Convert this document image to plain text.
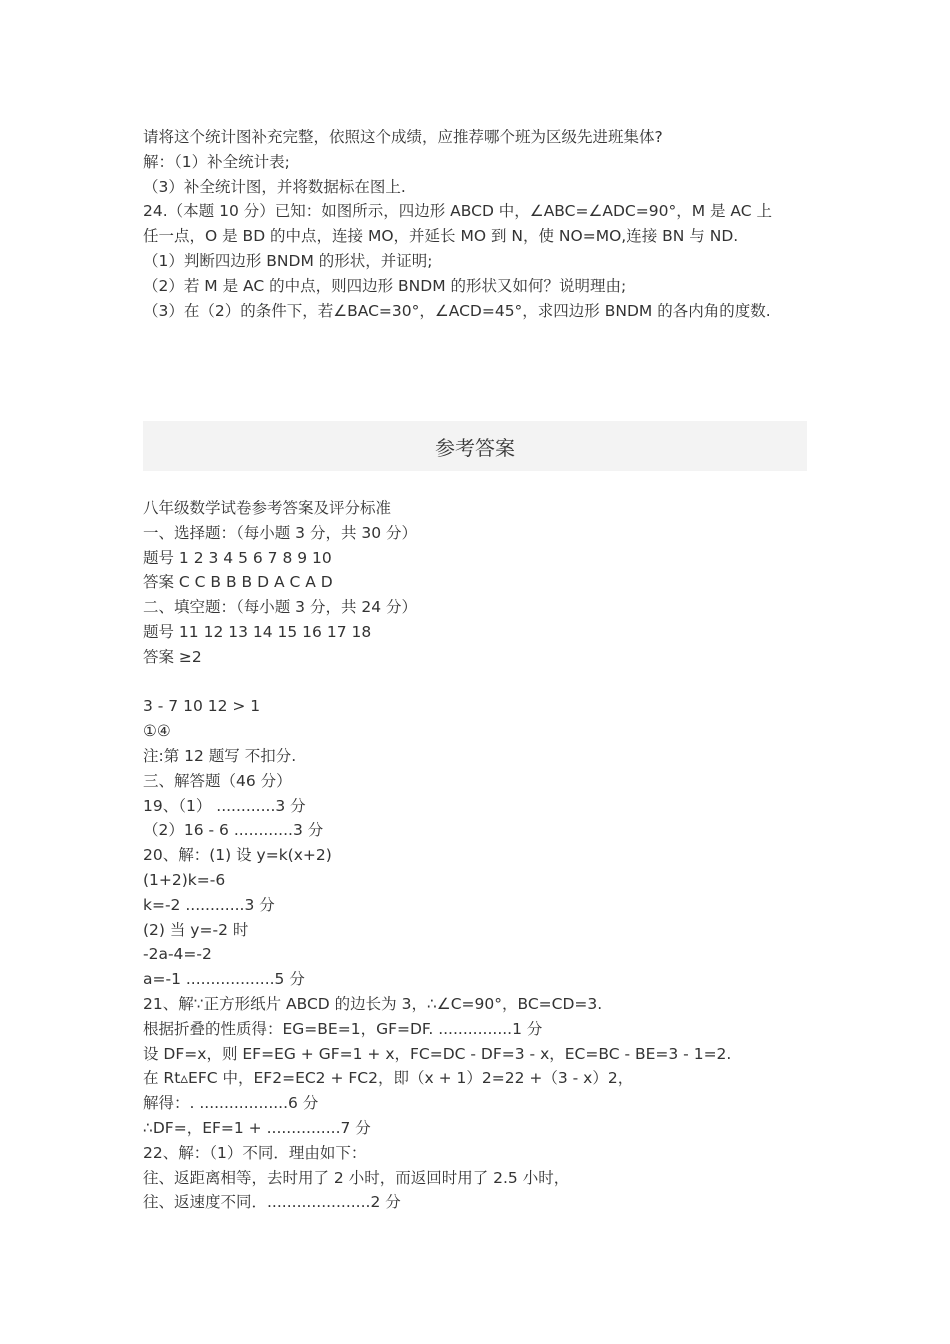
请将这个统计图补充完整，依照这个成绩，应推荐哪个班为区级先进班集体?

解：（1）补全统计表;

（3）补全统计图，并将数据标在图上.

24.（本题 10 分）已知：如图所示，四边形 ABCD 中，∠ABC=∠ADC=90°，M 是 AC 上

任一点，O 是 BD 的中点，连接 MO，并延长 MO 到 N，使 NO=MO,连接 BN 与 ND.

（1）判断四边形 BNDM 的形状，并证明;

（2）若 M 是 AC 的中点，则四边形 BNDM 的形状又如何？说明理由;

（3）在（2）的条件下，若∠BAC=30°，∠ACD=45°，求四边形 BNDM 的各内角的度数.

参考答案

八年级数学试卷参考答案及评分标准

一、选择题：（每小题 3 分，共 30 分）

题号 1 2 3 4 5 6 7 8 9 10

答案 C C B B B D A C A D

二、填空题：（每小题 3 分，共 24 分）

题号 11 12 13 14 15 16 17 18

答案 ≥2

3 - 7 10 12 > 1

①④

注:第 12 题写 不扣分.

三、解答题（46 分）

19、（1） ............3 分

（2）16 - 6 ............3 分

20、解：(1) 设 y=k(x+2)

(1+2)k=-6

k=-2 ............3 分

(2) 当 y=-2 时

-2a-4=-2

a=-1 ..................5 分

21、解∵正方形纸片 ABCD 的边长为 3，∴∠C=90°，BC=CD=3.

根据折叠的性质得：EG=BE=1，GF=DF. ...............1 分

设 DF=x，则 EF=EG + GF=1 + x，FC=DC - DF=3 - x，EC=BC - BE=3 - 1=2.

在 Rt▵EFC 中，EF2=EC2 + FC2，即（x + 1）2=22 +（3 - x）2，

解得：. ..................6 分

∴DF=，EF=1 + ...............7 分

22、解：（1）不同．理由如下：

往、返距离相等，去时用了 2 小时，而返回时用了 2.5 小时，

往、返速度不同．.....................2 分
